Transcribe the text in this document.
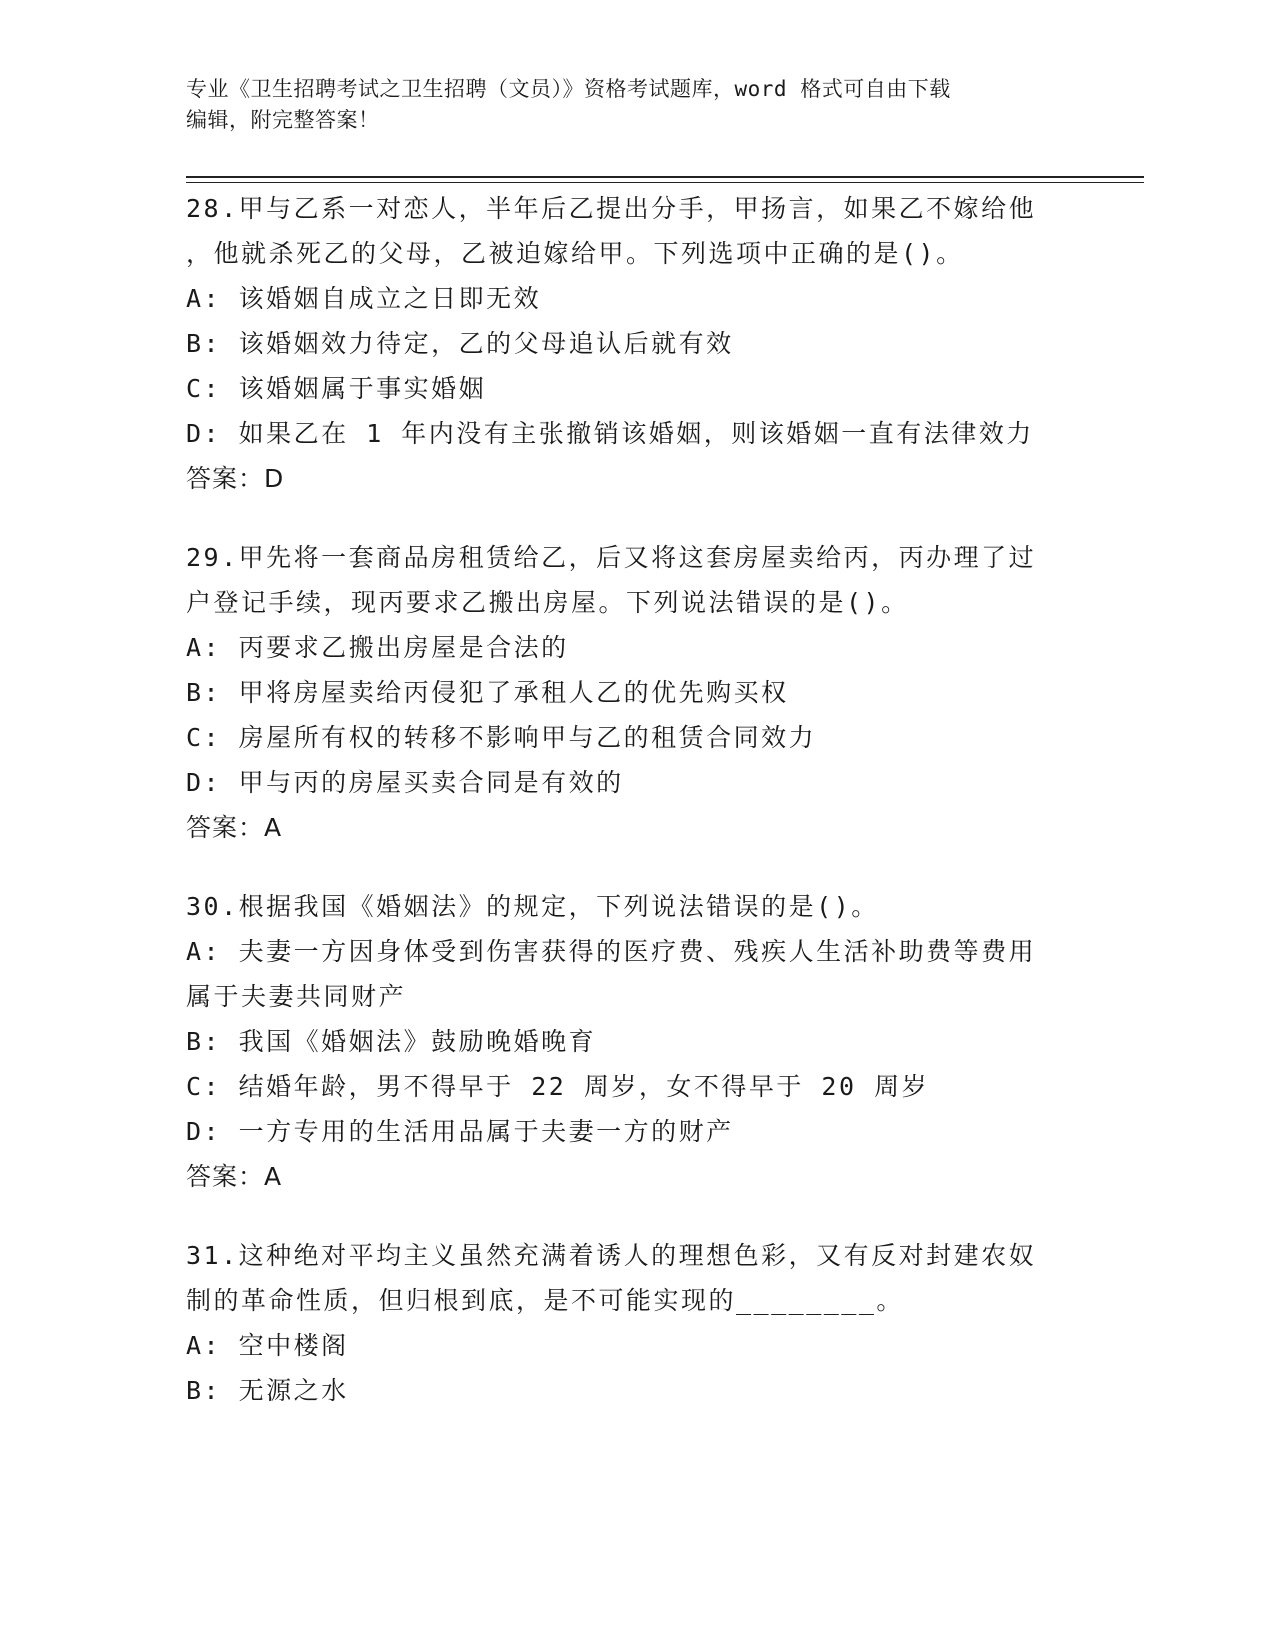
专业《卫生招聘考试之卫生招聘（文员）》资格考试题库，word 格式可自由下载
编辑，附完整答案！
28.甲与乙系一对恋人，半年后乙提出分手，甲扬言，如果乙不嫁给他
，他就杀死乙的父母，乙被迫嫁给甲。下列选项中正确的是()。
A: 该婚姻自成立之日即无效
B: 该婚姻效力待定，乙的父母追认后就有效
C: 该婚姻属于事实婚姻
D: 如果乙在 1 年内没有主张撤销该婚姻，则该婚姻一直有法律效力
答案：D
29.甲先将一套商品房租赁给乙，后又将这套房屋卖给丙，丙办理了过
户登记手续，现丙要求乙搬出房屋。下列说法错误的是()。
A: 丙要求乙搬出房屋是合法的
B: 甲将房屋卖给丙侵犯了承租人乙的优先购买权
C: 房屋所有权的转移不影响甲与乙的租赁合同效力
D: 甲与丙的房屋买卖合同是有效的
答案：A
30.根据我国《婚姻法》的规定，下列说法错误的是()。
A: 夫妻一方因身体受到伤害获得的医疗费、残疾人生活补助费等费用
属于夫妻共同财产
B: 我国《婚姻法》鼓励晚婚晚育
C: 结婚年龄，男不得早于 22 周岁，女不得早于 20 周岁
D: 一方专用的生活用品属于夫妻一方的财产
答案：A
31.这种绝对平均主义虽然充满着诱人的理想色彩，又有反对封建农奴
制的革命性质，但归根到底，是不可能实现的________。
A: 空中楼阁
B: 无源之水
